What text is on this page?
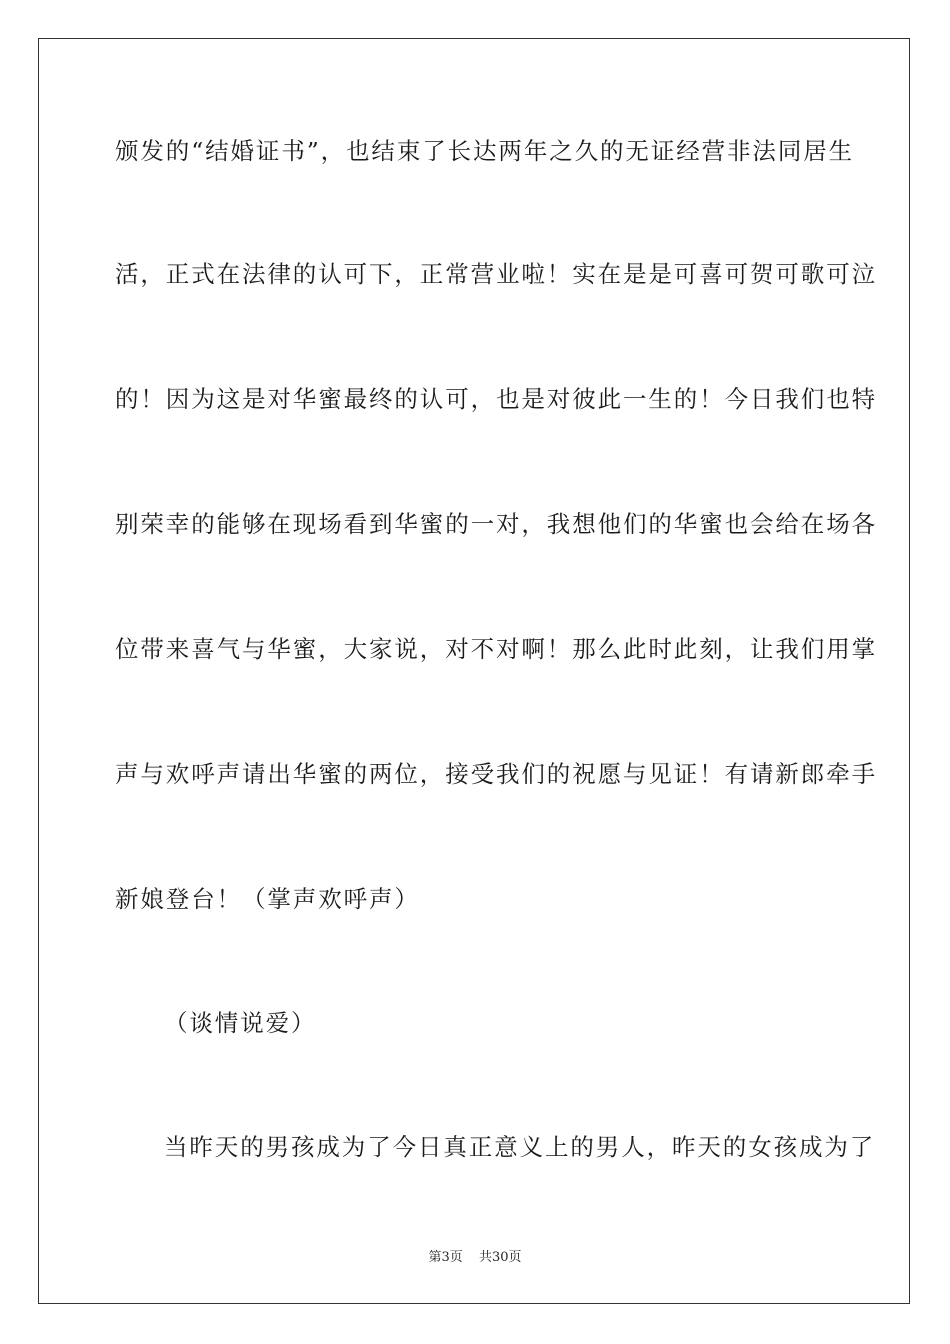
颁发的“结婚证书”，也结束了长达两年之久的无证经营非法同居生
活，正式在法律的认可下，正常营业啦！实在是是可喜可贺可歌可泣
的！因为这是对华蜜最终的认可，也是对彼此一生的！今日我们也特
别荣幸的能够在现场看到华蜜的一对，我想他们的华蜜也会给在场各
位带来喜气与华蜜，大家说，对不对啊！那么此时此刻，让我们用掌
声与欢呼声请出华蜜的两位，接受我们的祝愿与见证！有请新郎牵手
新娘登台！（掌声欢呼声）
（谈情说爱）
当昨天的男孩成为了今日真正意义上的男人，昨天的女孩成为了
第3页 共30页
